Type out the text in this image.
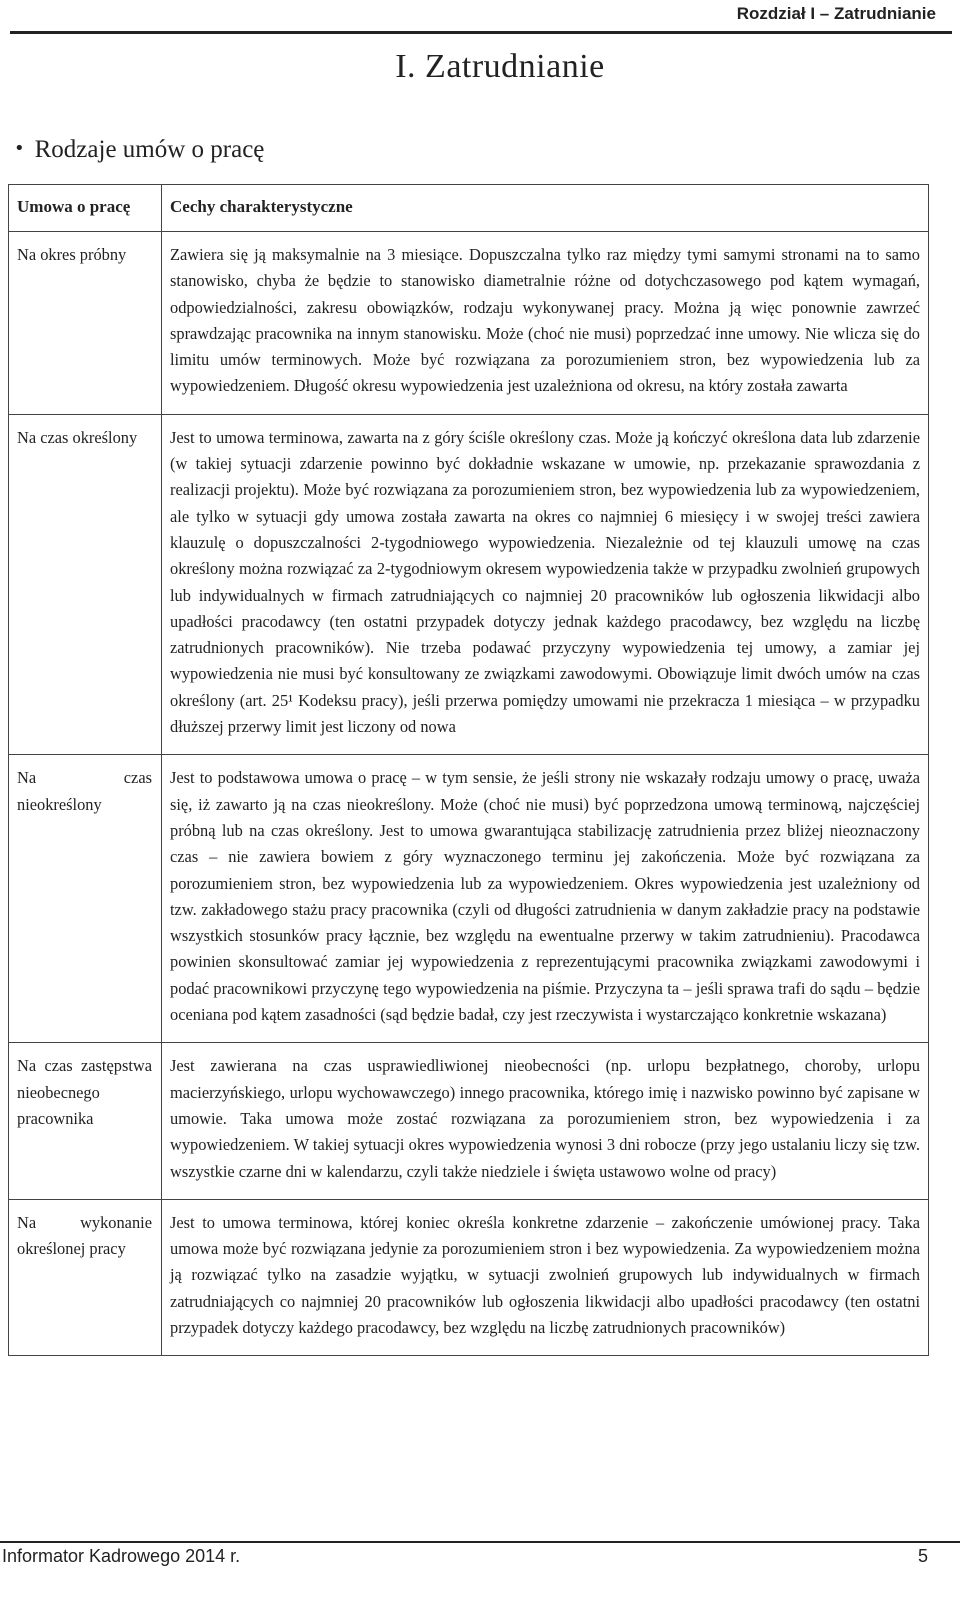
Rozdział I – Zatrudnianie
I. Zatrudnianie
• Rodzaje umów o pracę
Umowa o pracę	Cechy charakterystyczne
Na okres próbny	Zawiera się ją maksymalnie na 3 miesiące. Dopuszczalna tylko raz między tymi samymi stronami na to samo stanowisko, chyba że będzie to stanowisko diametralnie różne od dotychczasowego pod kątem wymagań, odpowiedzialności, zakresu obowiązków, rodzaju wykonywanej pracy. Można ją więc ponownie zawrzeć sprawdzając pracownika na innym stanowisku. Może (choć nie musi) poprzedzać inne umowy. Nie wlicza się do limitu umów terminowych. Może być rozwiązana za porozumieniem stron, bez wypowiedzenia lub za wypowiedzeniem. Długość okresu wypowiedzenia jest uzależniona od okresu, na który została zawarta
Na czas określony	Jest to umowa terminowa, zawarta na z góry ściśle określony czas. Może ją kończyć określona data lub zdarzenie (w takiej sytuacji zdarzenie powinno być dokładnie wskazane w umowie, np. przekazanie sprawozdania z realizacji projektu). Może być rozwiązana za porozumieniem stron, bez wypowiedzenia lub za wypowiedzeniem, ale tylko w sytuacji gdy umowa została zawarta na okres co najmniej 6 miesięcy i w swojej treści zawiera klauzulę o dopuszczalności 2-tygodniowego wypowiedzenia. Niezależnie od tej klauzuli umowę na czas określony można rozwiązać za 2-tygodniowym okresem wypowiedzenia także w przypadku zwolnień grupowych lub indywidualnych w firmach zatrudniających co najmniej 20 pracowników lub ogłoszenia likwidacji albo upadłości pracodawcy (ten ostatni przypadek dotyczy jednak każdego pracodawcy, bez względu na liczbę zatrudnionych pracowników). Nie trzeba podawać przyczyny wypowiedzenia tej umowy, a zamiar jej wypowiedzenia nie musi być konsultowany ze związkami zawodowymi. Obowiązuje limit dwóch umów na czas określony (art. 25¹ Kodeksu pracy), jeśli przerwa pomiędzy umowami nie przekracza 1 miesiąca – w przypadku dłuższej przerwy limit jest liczony od nowa
Na czas nieokreślony	Jest to podstawowa umowa o pracę – w tym sensie, że jeśli strony nie wskazały rodzaju umowy o pracę, uważa się, iż zawarto ją na czas nieokreślony. Może (choć nie musi) być poprzedzona umową terminową, najczęściej próbną lub na czas określony. Jest to umowa gwarantująca stabilizację zatrudnienia przez bliżej nieoznaczony czas – nie zawiera bowiem z góry wyznaczonego terminu jej zakończenia. Może być rozwiązana za porozumieniem stron, bez wypowiedzenia lub za wypowiedzeniem. Okres wypowiedzenia jest uzależniony od tzw. zakładowego stażu pracy pracownika (czyli od długości zatrudnienia w danym zakładzie pracy na podstawie wszystkich stosunków pracy łącznie, bez względu na ewentualne przerwy w takim zatrudnieniu). Pracodawca powinien skonsultować zamiar jej wypowiedzenia z reprezentującymi pracownika związkami zawodowymi i podać pracownikowi przyczynę tego wypowiedzenia na piśmie. Przyczyna ta – jeśli sprawa trafi do sądu – będzie oceniana pod kątem zasadności (sąd będzie badał, czy jest rzeczywista i wystarczająco konkretnie wskazana)
Na czas zastępstwa nieobecnego pracownika	Jest zawierana na czas usprawiedliwionej nieobecności (np. urlopu bezpłatnego, choroby, urlopu macierzyńskiego, urlopu wychowawczego) innego pracownika, którego imię i nazwisko powinno być zapisane w umowie. Taka umowa może zostać rozwiązana za porozumieniem stron, bez wypowiedzenia i za wypowiedzeniem. W takiej sytuacji okres wypowiedzenia wynosi 3 dni robocze (przy jego ustalaniu liczy się tzw. wszystkie czarne dni w kalendarzu, czyli także niedziele i święta ustawowo wolne od pracy)
Na wykonanie określonej pracy	Jest to umowa terminowa, której koniec określa konkretne zdarzenie – zakończenie umówionej pracy. Taka umowa może być rozwiązana jedynie za porozumieniem stron i bez wypowiedzenia. Za wypowiedzeniem można ją rozwiązać tylko na zasadzie wyjątku, w sytuacji zwolnień grupowych lub indywidualnych w firmach zatrudniających co najmniej 20 pracowników lub ogłoszenia likwidacji albo upadłości pracodawcy (ten ostatni przypadek dotyczy każdego pracodawcy, bez względu na liczbę zatrudnionych pracowników)
Informator Kadrowego 2014 r.	5
